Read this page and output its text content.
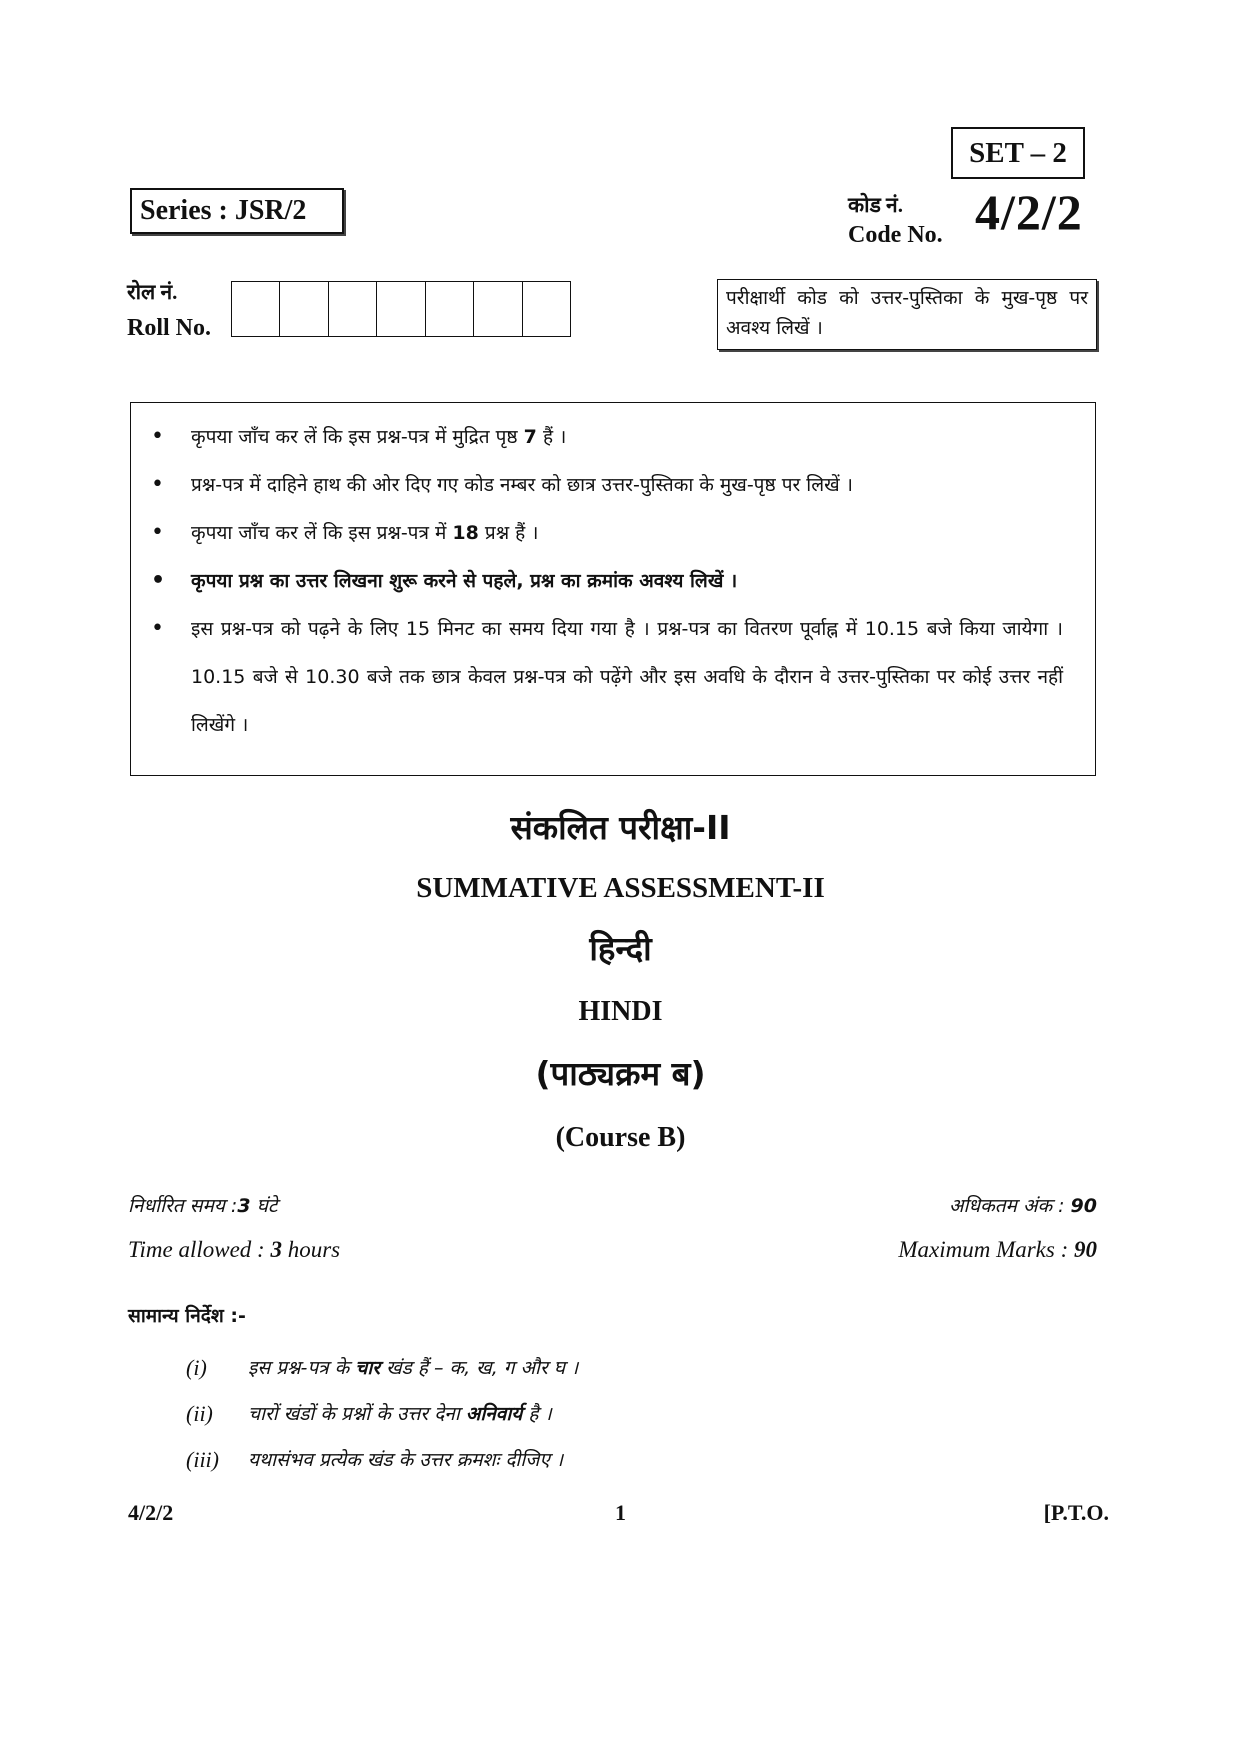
SET – 2
Series : JSR/2	कोड नं.
Code No. 4/2/2
रोल नं.
Roll No.
परीक्षार्थी कोड को उत्तर-पुस्तिका के मुख-पृष्ठ पर अवश्य लिखें ।
• कृपया जाँच कर लें कि इस प्रश्न-पत्र में मुद्रित पृष्ठ 7 हैं ।
• प्रश्न-पत्र में दाहिने हाथ की ओर दिए गए कोड नम्बर को छात्र उत्तर-पुस्तिका के मुख-पृष्ठ पर लिखें ।
• कृपया जाँच कर लें कि इस प्रश्न-पत्र में 18 प्रश्न हैं ।
• कृपया प्रश्न का उत्तर लिखना शुरू करने से पहले, प्रश्न का क्रमांक अवश्य लिखें ।
• इस प्रश्न-पत्र को पढ़ने के लिए 15 मिनट का समय दिया गया है । प्रश्न-पत्र का वितरण पूर्वाह्न में 10.15 बजे किया जायेगा । 10.15 बजे से 10.30 बजे तक छात्र केवल प्रश्न-पत्र को पढ़ेंगे और इस अवधि के दौरान वे उत्तर-पुस्तिका पर कोई उत्तर नहीं लिखेंगे ।
संकलित परीक्षा-II
SUMMATIVE ASSESSMENT-II
हिन्दी
HINDI
(पाठ्यक्रम ब)
(Course B)
निर्धारित समय :3 घंटे
Time allowed : 3 hours
अधिकतम अंक : 90
Maximum Marks : 90
सामान्य निर्देश :-
(i)	इस प्रश्न-पत्र के चार खंड हैं – क, ख, ग और घ ।
(ii)	चारों खंडों के प्रश्नों के उत्तर देना अनिवार्य है ।
(iii)	यथासंभव प्रत्येक खंड के उत्तर क्रमशः दीजिए ।
4/2/2	1	[P.T.O.
